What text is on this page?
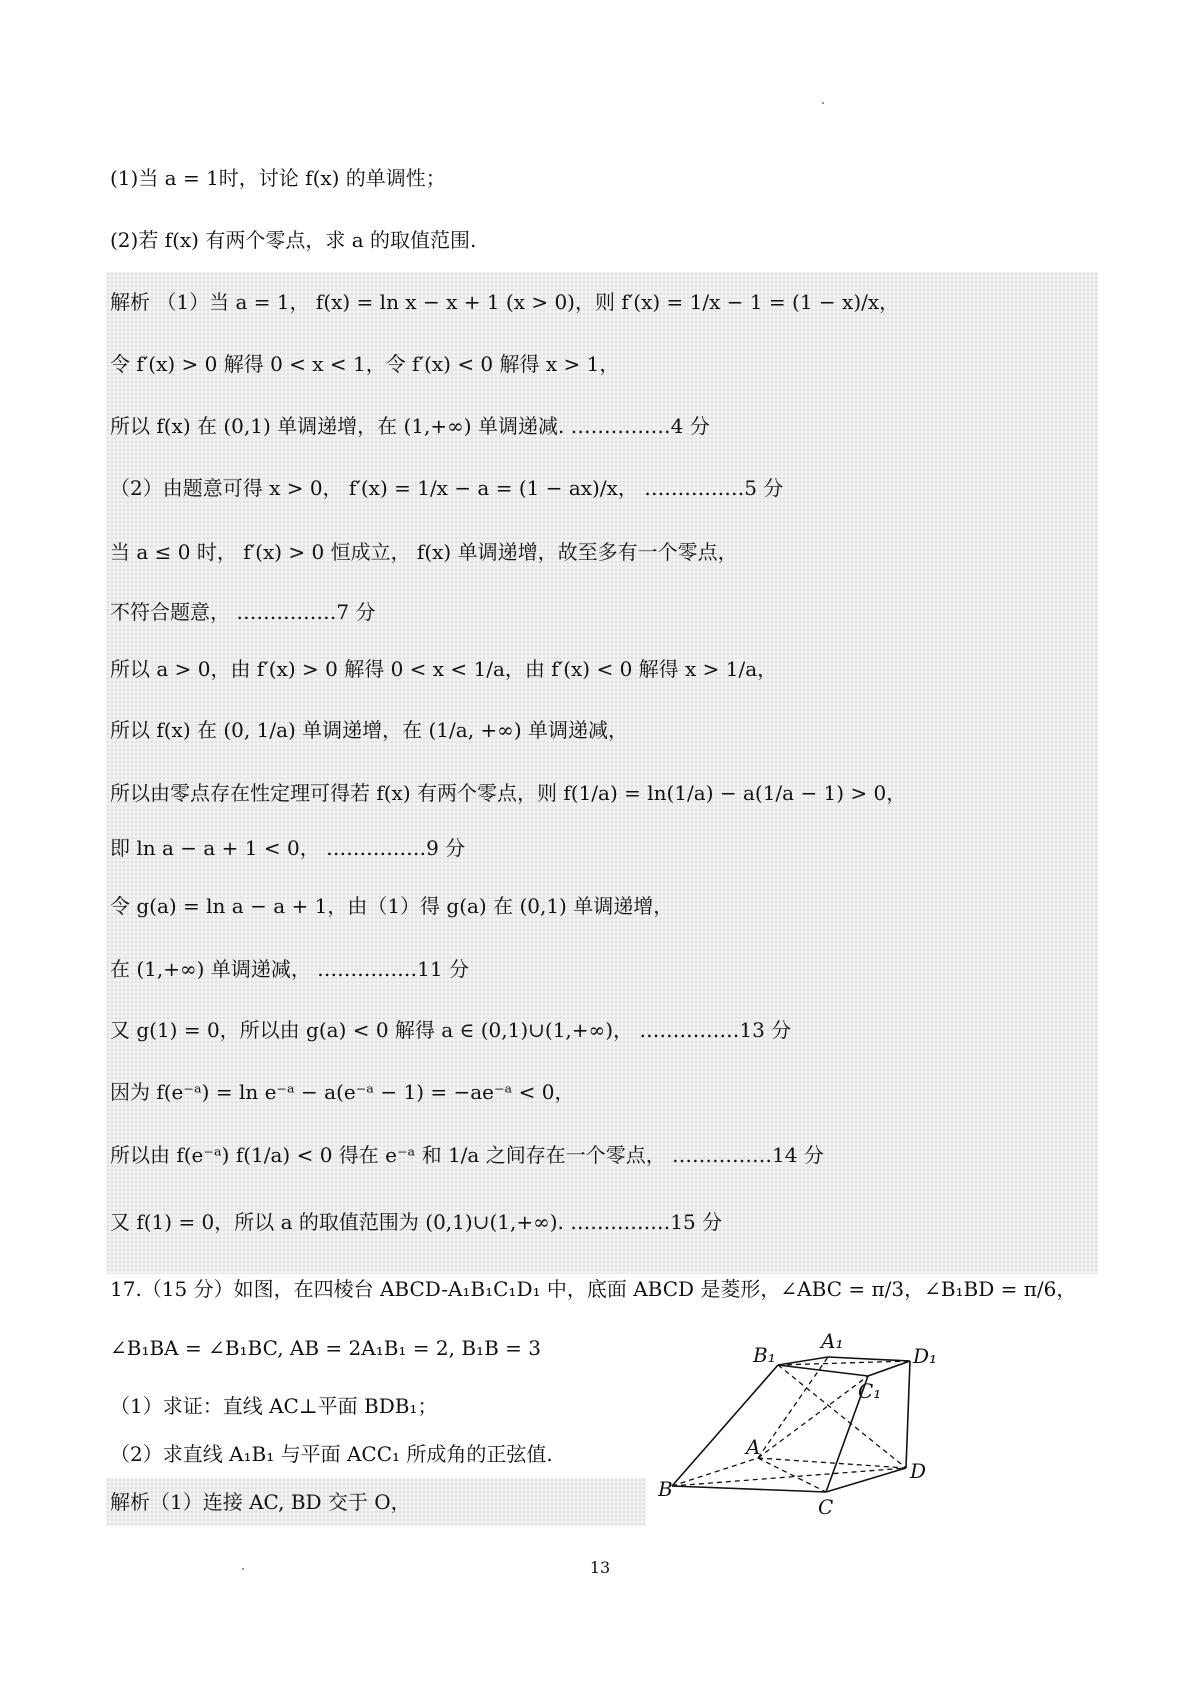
(1)当 a = 1时，讨论 f(x) 的单调性；
(2)若 f(x) 有两个零点，求 a 的取值范围.
解析 （1）当 a = 1， f(x) = ln x − x + 1 (x > 0)，则 f′(x) = 1/x − 1 = (1 − x)/x，
令 f′(x) > 0 解得 0 < x < 1，令 f′(x) < 0 解得 x > 1，
所以 f(x) 在 (0,1) 单调递增，在 (1,+∞) 单调递减. ……………4 分
（2）由题意可得 x > 0， f′(x) = 1/x − a = (1 − ax)/x， ……………5 分
当 a ≤ 0 时， f′(x) > 0 恒成立， f(x) 单调递增，故至多有一个零点，
不符合题意， ……………7 分
所以 a > 0，由 f′(x) > 0 解得 0 < x < 1/a，由 f′(x) < 0 解得 x > 1/a，
所以 f(x) 在 (0, 1/a) 单调递增，在 (1/a, +∞) 单调递减，
所以由零点存在性定理可得若 f(x) 有两个零点，则 f(1/a) = ln(1/a) − a(1/a − 1) > 0，
即 ln a − a + 1 < 0， ……………9 分
令 g(a) = ln a − a + 1，由（1）得 g(a) 在 (0,1) 单调递增，
在 (1,+∞) 单调递减， ……………11 分
又 g(1) = 0，所以由 g(a) < 0 解得 a ∈ (0,1)∪(1,+∞)， ……………13 分
因为 f(e⁻ᵃ) = ln e⁻ᵃ − a(e⁻ᵃ − 1) = −ae⁻ᵃ < 0，
所以由 f(e⁻ᵃ) f(1/a) < 0 得在 e⁻ᵃ 和 1/a 之间存在一个零点， ……………14 分
又 f(1) = 0，所以 a 的取值范围为 (0,1)∪(1,+∞). ……………15 分
17.（15 分）如图，在四棱台 ABCD-A₁B₁C₁D₁ 中，底面 ABCD 是菱形，∠ABC = π/3，∠B₁BD = π/6，
∠B₁BA = ∠B₁BC, AB = 2A₁B₁ = 2, B₁B = 3
（1）求证：直线 AC⊥平面 BDB₁；
（2）求直线 A₁B₁ 与平面 ACC₁ 所成角的正弦值.
解析（1）连接 AC, BD 交于 O，
B₁
A₁
D₁
C₁
A
B
C
D
13
